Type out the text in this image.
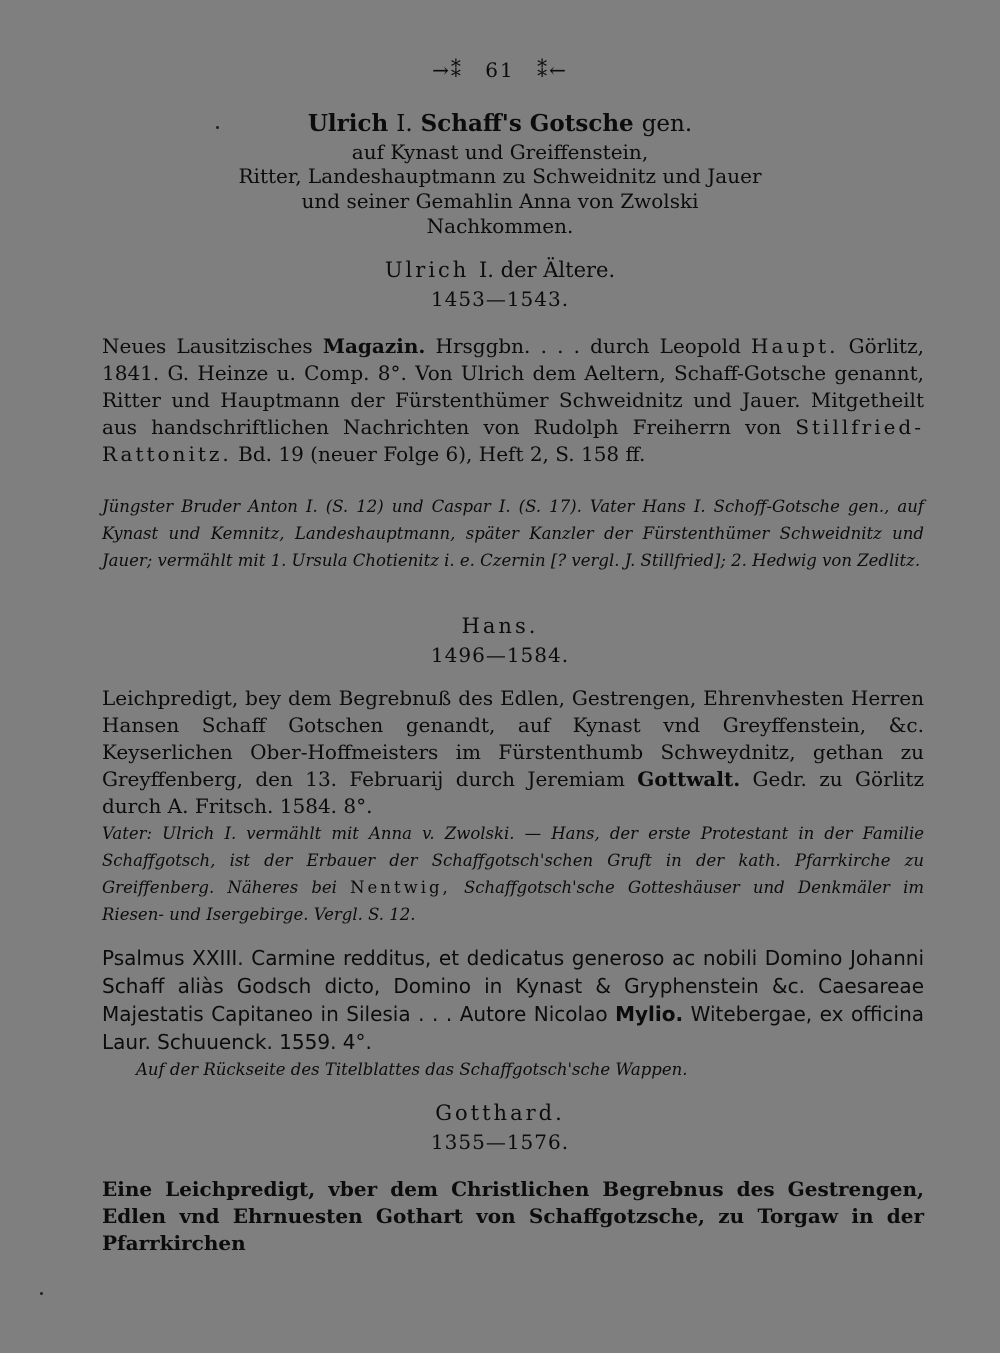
→⁑ 61 ⁑←
Ulrich I. Schaff's Gotsche gen.
auf Kynast und Greiffenstein,
Ritter, Landeshauptmann zu Schweidnitz und Jauer
und seiner Gemahlin Anna von Zwolski
Nachkommen.
Ulrich I. der Ältere.
1453—1543.
Neues Lausitzisches Magazin. Hrsggbn. . . . durch Leopold Haupt. Görlitz, 1841. G. Heinze u. Comp. 8°. Von Ulrich dem Aeltern, Schaff-Gotsche genannt, Ritter und Hauptmann der Fürstenthümer Schweidnitz und Jauer. Mitgetheilt aus handschriftlichen Nachrichten von Rudolph Freiherrn von Stillfried-Rattonitz. Bd. 19 (neuer Folge 6), Heft 2, S. 158 ff.
Jüngster Bruder Anton I. (S. 12) und Caspar I. (S. 17). Vater Hans I. Schoff-Gotsche gen., auf Kynast und Kemnitz, Landeshauptmann, später Kanzler der Fürstenthümer Schweidnitz und Jauer; vermählt mit 1. Ursula Chotienitz i. e. Czernin [? vergl. J. Stillfried]; 2. Hedwig von Zedlitz.
Hans.
1496—1584.
Leichpredigt, bey dem Begrebnuß des Edlen, Gestrengen, Ehrenvhesten Herren Hansen Schaff Gotschen genandt, auf Kynast vnd Greyffenstein, &c. Keyserlichen Ober-Hoffmeisters im Fürstenthumb Schweydnitz, gethan zu Greyffenberg, den 13. Februarij durch Jeremiam Gottwalt. Gedr. zu Görlitz durch A. Fritsch. 1584. 8°.
Vater: Ulrich I. vermählt mit Anna v. Zwolski. — Hans, der erste Protestant in der Familie Schaffgotsch, ist der Erbauer der Schaffgotsch'schen Gruft in der kath. Pfarrkirche zu Greiffenberg. Näheres bei Nentwig, Schaffgotsch'sche Gotteshäuser und Denkmäler im Riesen- und Isergebirge. Vergl. S. 12.
Psalmus XXIII. Carmine redditus, et dedicatus generoso ac nobili Domino Johanni Schaff aliàs Godsch dicto, Domino in Kynast & Gryphenstein &c. Caesareae Majestatis Capitaneo in Silesia . . . Autore Nicolao Mylio. Witebergae, ex officina Laur. Schuuenck. 1559. 4°.
Auf der Rückseite des Titelblattes das Schaffgotsch'sche Wappen.
Gotthard.
1355—1576.
Eine Leichpredigt, vber dem Christlichen Begrebnus des Gestrengen, Edlen vnd Ehrnuesten Gothart von Schaffgotzsche, zu Torgaw in der Pfarrkirchen
